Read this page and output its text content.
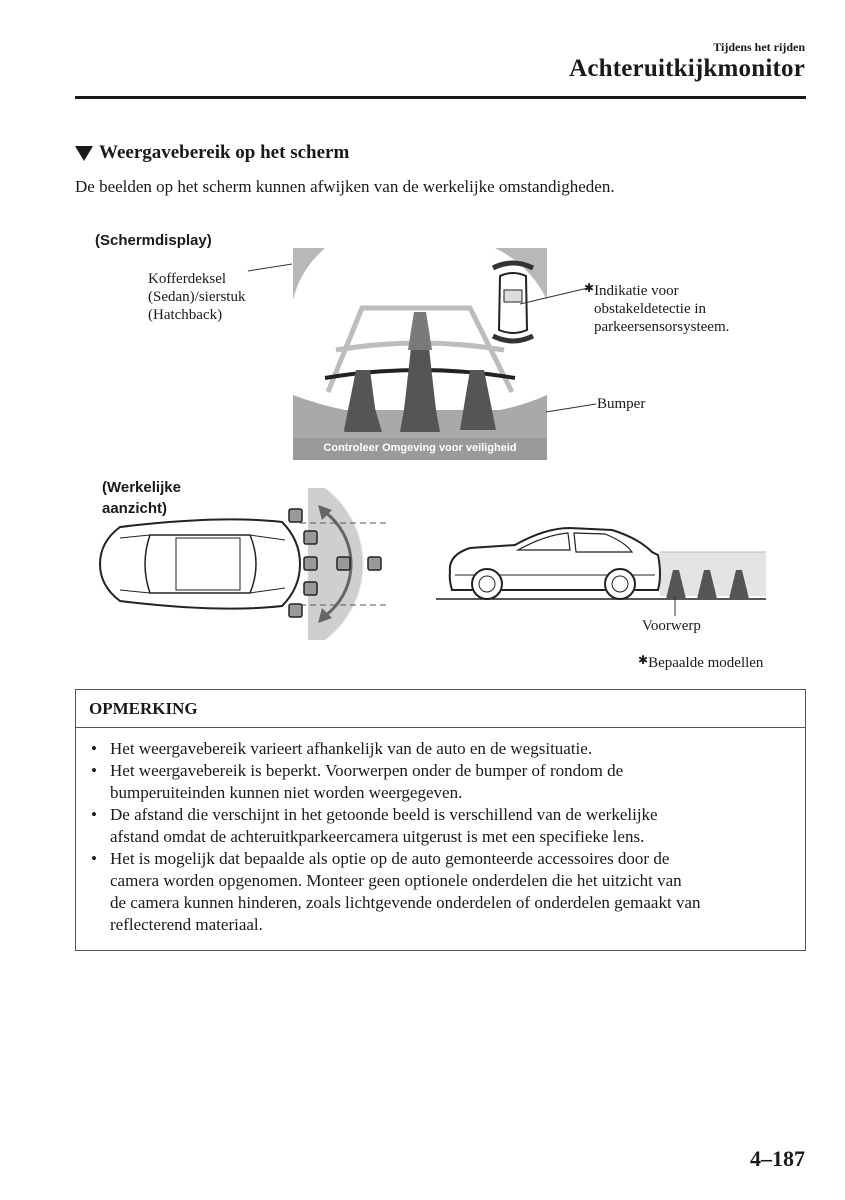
Tijdens het rijden
Achteruitkijkmonitor
Weergavebereik op het scherm
De beelden op het scherm kunnen afwijken van de werkelijke omstandigheden.
(Schermdisplay)
Kofferdeksel
(Sedan)/sierstuk
(Hatchback)
✱Indikatie voor
obstakeldetectie in
parkeersensorsysteem.
Bumper
Controleer Omgeving voor veiligheid
(Werkelijke
aanzicht)
Voorwerp
✱Bepaalde modellen
OPMERKING
• Het weergavebereik varieert afhankelijk van de auto en de wegsituatie.
• Het weergavebereik is beperkt. Voorwerpen onder de bumper of rondom de
bumperuiteinden kunnen niet worden weergegeven.
• De afstand die verschijnt in het getoonde beeld is verschillend van de werkelijke
afstand omdat de achteruitkparkeercamera uitgerust is met een specifieke lens.
• Het is mogelijk dat bepaalde als optie op de auto gemonteerde accessoires door de
camera worden opgenomen. Monteer geen optionele onderdelen die het uitzicht van
de camera kunnen hinderen, zoals lichtgevende onderdelen of onderdelen gemaakt van
reflecterend materiaal.
4–187
